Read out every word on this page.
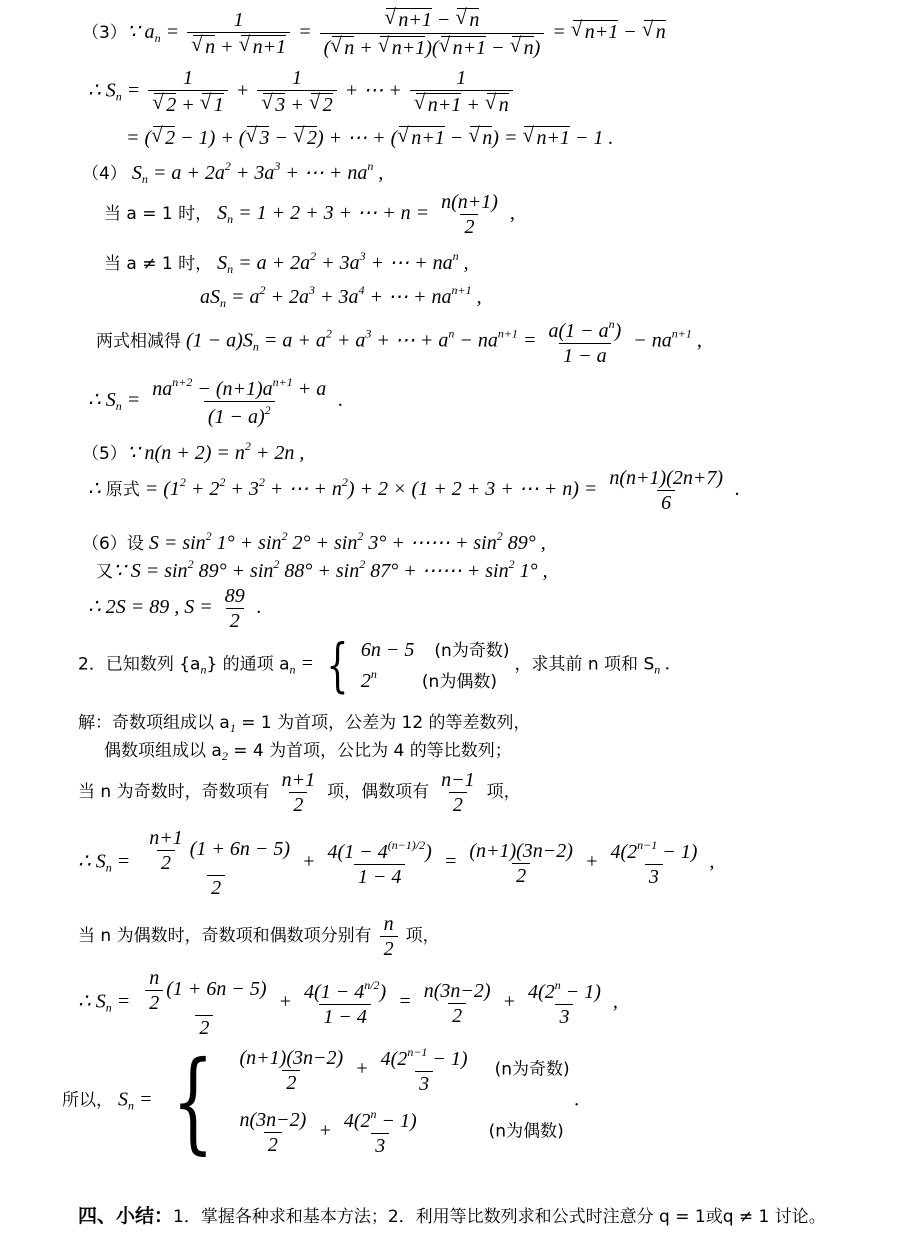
（3）∵ $a_n = 1$
√ n + √ n+1 = √ $\frac{n+1 - √ n}{( √ n + √ n+1)( √ n+1 - √ n)}$ = √ n+1 − √ n
∴ $S_n = 1$
√ 2 + √ 1 + 1
√ 3 + √ 2 + ⋯ + 1
√ n+1 + √ n
= ( √ 2 − 1) + ( √ 3 − √ 2) + ⋯ + ( √ n+1 − √ n) = √ n+1 − 1 .
（4） $S_n = a + 2a^2 + 3a^3$ + ⋯ + $na^n$ ,
当 a = 1 时， $S_n = 1 + 2 + 3$ + ⋯ + $n = \frac{n(n+1)}{2}$ ,
当 a ≠ 1 时， $S_n = a + 2a^2 + 3a^3$ + ⋯ + $na^n$ ,
$aS_n = a^2 + 2a^3 + 3a^4$ + ⋯ + $na^{n+1}$ ,
两式相减得 $(1 - a)S_n = a + a^2 + a^3$ + ⋯ + $a^n - na^{n+1} = \frac{a(1 - a^n)}{1 - a} - na^{n+1}$ ,
∴ $S_n = \frac{na^{n+2} - (n+1)a^{n+1} + a}{(1 - a)^2}$ .
（5）∵ $n(n + 2) = n^2 + 2n$ ,
∴ 原式 = ($1^2 + 2^2 + 3^2$ + ⋯ + $n^2) + 2 \times (1 + 2 + 3$ + ⋯ + $n) = \frac{n(n+1)(2n+7)}{6}$ .
（6）设 $S = \sin^2 1^\circ + \sin^2 2^\circ + \sin^2 3^\circ$ + ⋯⋯ + $\sin^2 89^\circ$ ,
又∵ $S = \sin^2 89^\circ + \sin^2 88^\circ + \sin^2 87^\circ$ + ⋯⋯ + $\sin^2 1^\circ$ ,
∴ 2S = 89 , $S = \frac{89}{2}$ .
2．已知数列 $\{a_n\}$ 的通项 $a_n$ = { 6n − 5    (n为奇数)
2$^n$	(n为偶数)
，求其前 n 项和 $S_n$ .
解：奇数项组成以 $a_1 = 1$ 为首项，公差为 12 的等差数列，
偶数项组成以 $a_2 = 4$ 为首项，公比为 4 的等比数列；
当 n 为奇数时，奇数项有 $\frac{n+1}{2}$ 项，偶数项有 $\frac{n-1}{2}$ 项，
∴ $S_n = \frac{\frac{n+1}{2} (1 + 6n - 5)}{2} + \frac{4(1 - 4^{(n-1)/2})}{1 - 4} = \frac{(n+1)(3n-2)}{2} + \frac{4(2^{n-1} - 1)}{3}$ ,
当 n 为偶数时，奇数项和偶数项分别有 $\frac{n}{2}$ 项，
∴ $S_n = \frac{\frac{n}{2} (1 + 6n - 5)}{2} + \frac{4(1 - 4^{n/2})}{1 - 4} = \frac{n(3n-2)}{2} + \frac{4(2^n - 1)}{3}$ ,
所以， $S_n$ = { $\frac{(n+1)(3n-2)}{2} + \frac{4(2^{n-1} - 1)}{3} (n$为奇数)
$\frac{n(3n-2)}{2} + \frac{4(2^n - 1)}{3}$	(n为偶数)
.
四、小结：1．掌握各种求和基本方法；2．利用等比数列求和公式时注意分 q = 1或q ≠ 1 讨论。
